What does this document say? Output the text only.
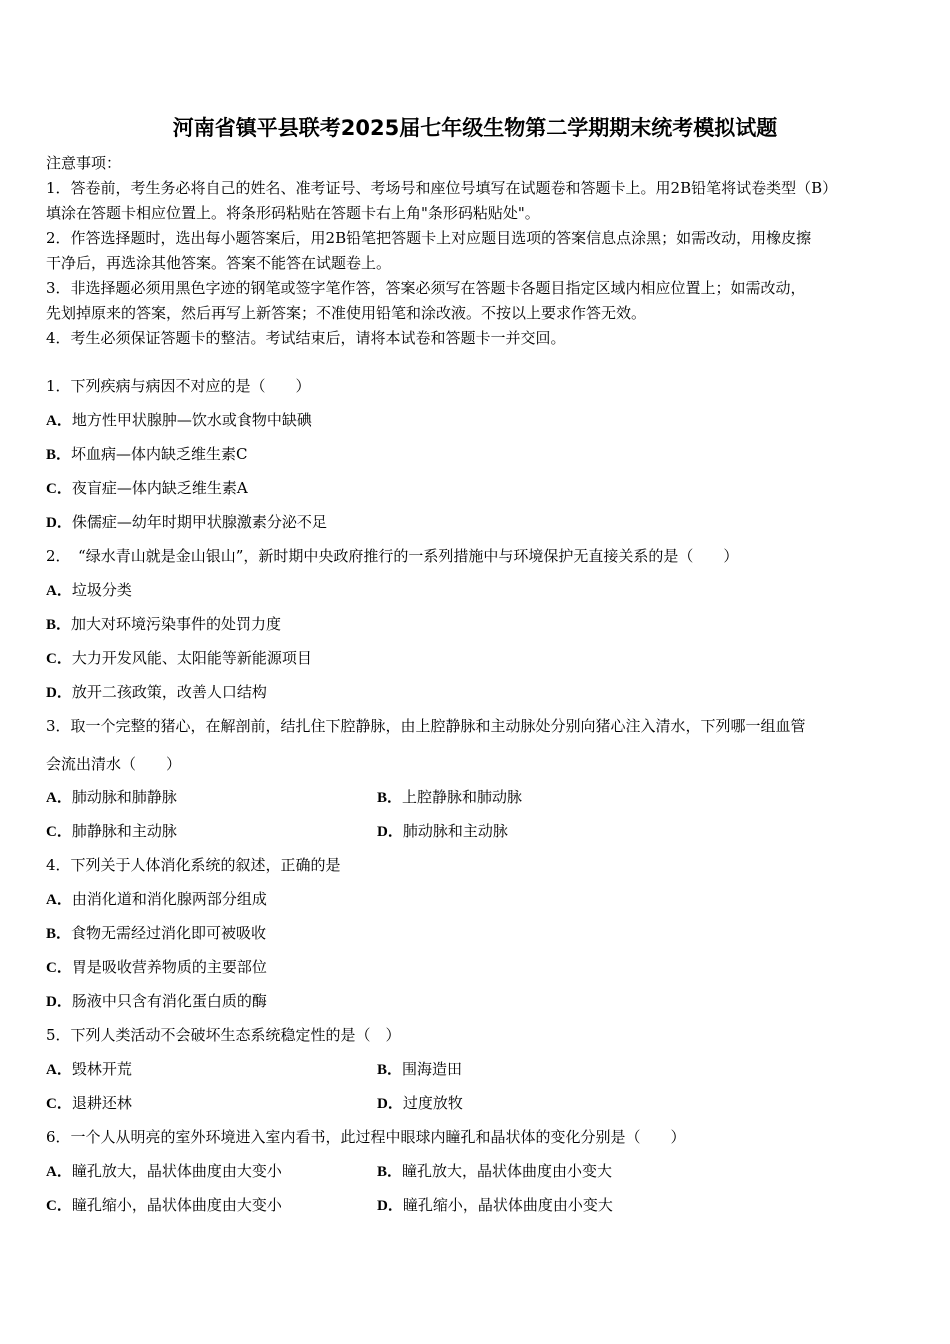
河南省镇平县联考2025届七年级生物第二学期期末统考模拟试题
注意事项：
1．答卷前，考生务必将自己的姓名、准考证号、考场号和座位号填写在试题卷和答题卡上。用2B铅笔将试卷类型（B）
填涂在答题卡相应位置上。将条形码粘贴在答题卡右上角"条形码粘贴处"。
2．作答选择题时，选出每小题答案后，用2B铅笔把答题卡上对应题目选项的答案信息点涂黑；如需改动，用橡皮擦
干净后，再选涂其他答案。答案不能答在试题卷上。
3．非选择题必须用黑色字迹的钢笔或签字笔作答，答案必须写在答题卡各题目指定区域内相应位置上；如需改动，
先划掉原来的答案，然后再写上新答案；不准使用铅笔和涂改液。不按以上要求作答无效。
4．考生必须保证答题卡的整洁。考试结束后，请将本试卷和答题卡一并交回。
1．下列疾病与病因不对应的是（　　）
A．地方性甲状腺肿—饮水或食物中缺碘
B．坏血病—体内缺乏维生素C
C．夜盲症—体内缺乏维生素A
D．侏儒症—幼年时期甲状腺激素分泌不足
2．　“绿水青山就是金山银山”，新时期中央政府推行的一系列措施中与环境保护无直接关系的是（　　）
A．垃圾分类
B．加大对环境污染事件的处罚力度
C．大力开发风能、太阳能等新能源项目
D．放开二孩政策，改善人口结构
3．取一个完整的猪心，在解剖前，结扎住下腔静脉，由上腔静脉和主动脉处分别向猪心注入清水，下列哪一组血管
会流出清水（　　）
A．肺动脉和肺静脉	B．上腔静脉和肺动脉
C．肺静脉和主动脉	D．肺动脉和主动脉
4．下列关于人体消化系统的叙述，正确的是
A．由消化道和消化腺两部分组成
B．食物无需经过消化即可被吸收
C．胃是吸收营养物质的主要部位
D．肠液中只含有消化蛋白质的酶
5．下列人类活动不会破坏生态系统稳定性的是（　）
A．毁林开荒	B．围海造田
C．退耕还林	D．过度放牧
6．一个人从明亮的室外环境进入室内看书，此过程中眼球内瞳孔和晶状体的变化分别是（　　）
A．瞳孔放大，晶状体曲度由大变小	B．瞳孔放大，晶状体曲度由小变大
C．瞳孔缩小，晶状体曲度由大变小	D．瞳孔缩小，晶状体曲度由小变大
